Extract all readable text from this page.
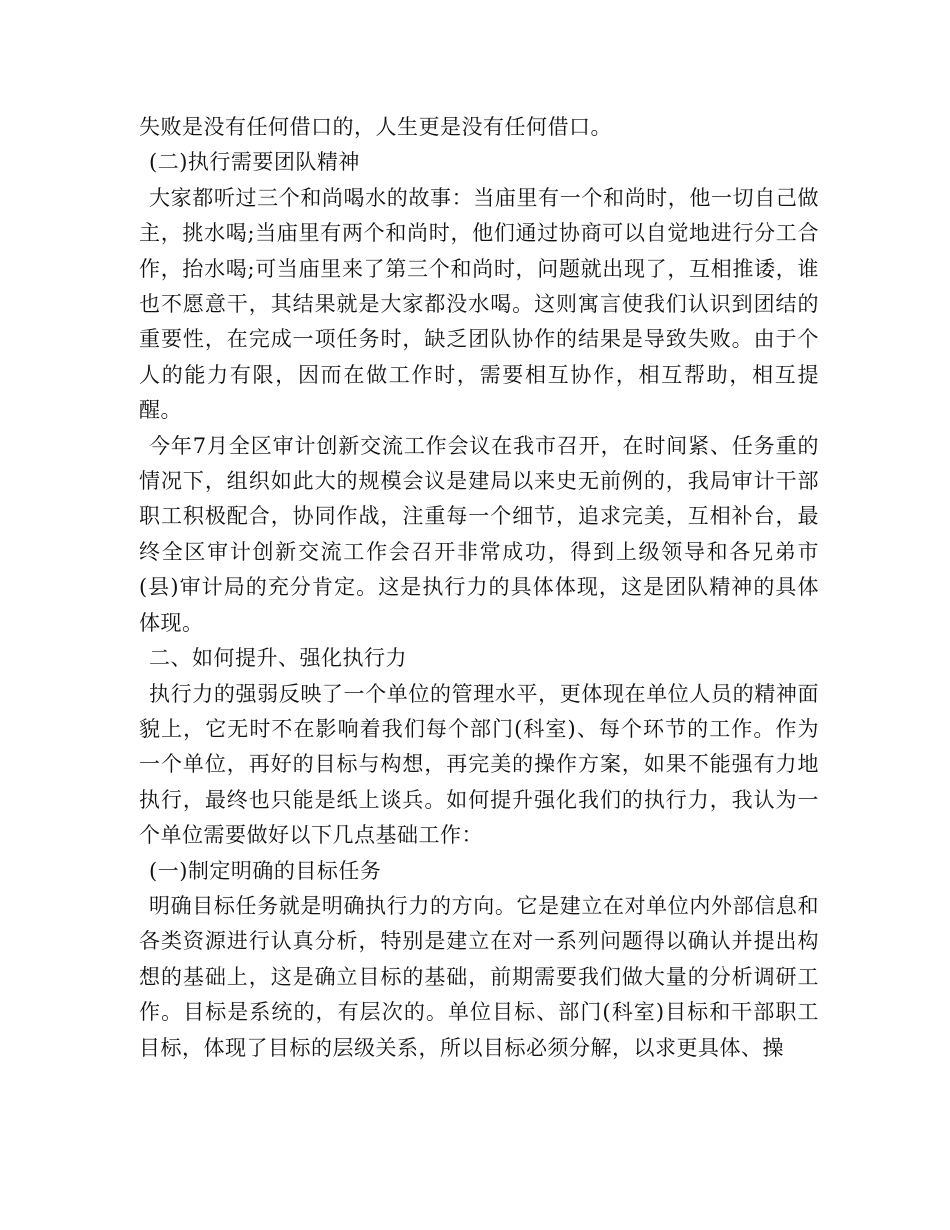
失败是没有任何借口的，人生更是没有任何借口。

(二)执行需要团队精神

大家都听过三个和尚喝水的故事：当庙里有一个和尚时，他一切自己做主，挑水喝;当庙里有两个和尚时，他们通过协商可以自觉地进行分工合作，抬水喝;可当庙里来了第三个和尚时，问题就出现了，互相推诿，谁也不愿意干，其结果就是大家都没水喝。这则寓言使我们认识到团结的重要性，在完成一项任务时，缺乏团队协作的结果是导致失败。由于个人的能力有限，因而在做工作时，需要相互协作，相互帮助，相互提醒。

今年7月全区审计创新交流工作会议在我市召开，在时间紧、任务重的情况下，组织如此大的规模会议是建局以来史无前例的，我局审计干部职工积极配合，协同作战，注重每一个细节，追求完美，互相补台，最终全区审计创新交流工作会召开非常成功，得到上级领导和各兄弟市(县)审计局的充分肯定。这是执行力的具体体现，这是团队精神的具体体现。

二、如何提升、强化执行力

执行力的强弱反映了一个单位的管理水平，更体现在单位人员的精神面貌上，它无时不在影响着我们每个部门(科室)、每个环节的工作。作为一个单位，再好的目标与构想，再完美的操作方案，如果不能强有力地执行，最终也只能是纸上谈兵。如何提升强化我们的执行力，我认为一个单位需要做好以下几点基础工作：

(一)制定明确的目标任务

明确目标任务就是明确执行力的方向。它是建立在对单位内外部信息和各类资源进行认真分析，特别是建立在对一系列问题得以确认并提出构想的基础上，这是确立目标的基础，前期需要我们做大量的分析调研工作。目标是系统的，有层次的。单位目标、部门(科室)目标和干部职工目标，体现了目标的层级关系，所以目标必须分解，以求更具体、操
